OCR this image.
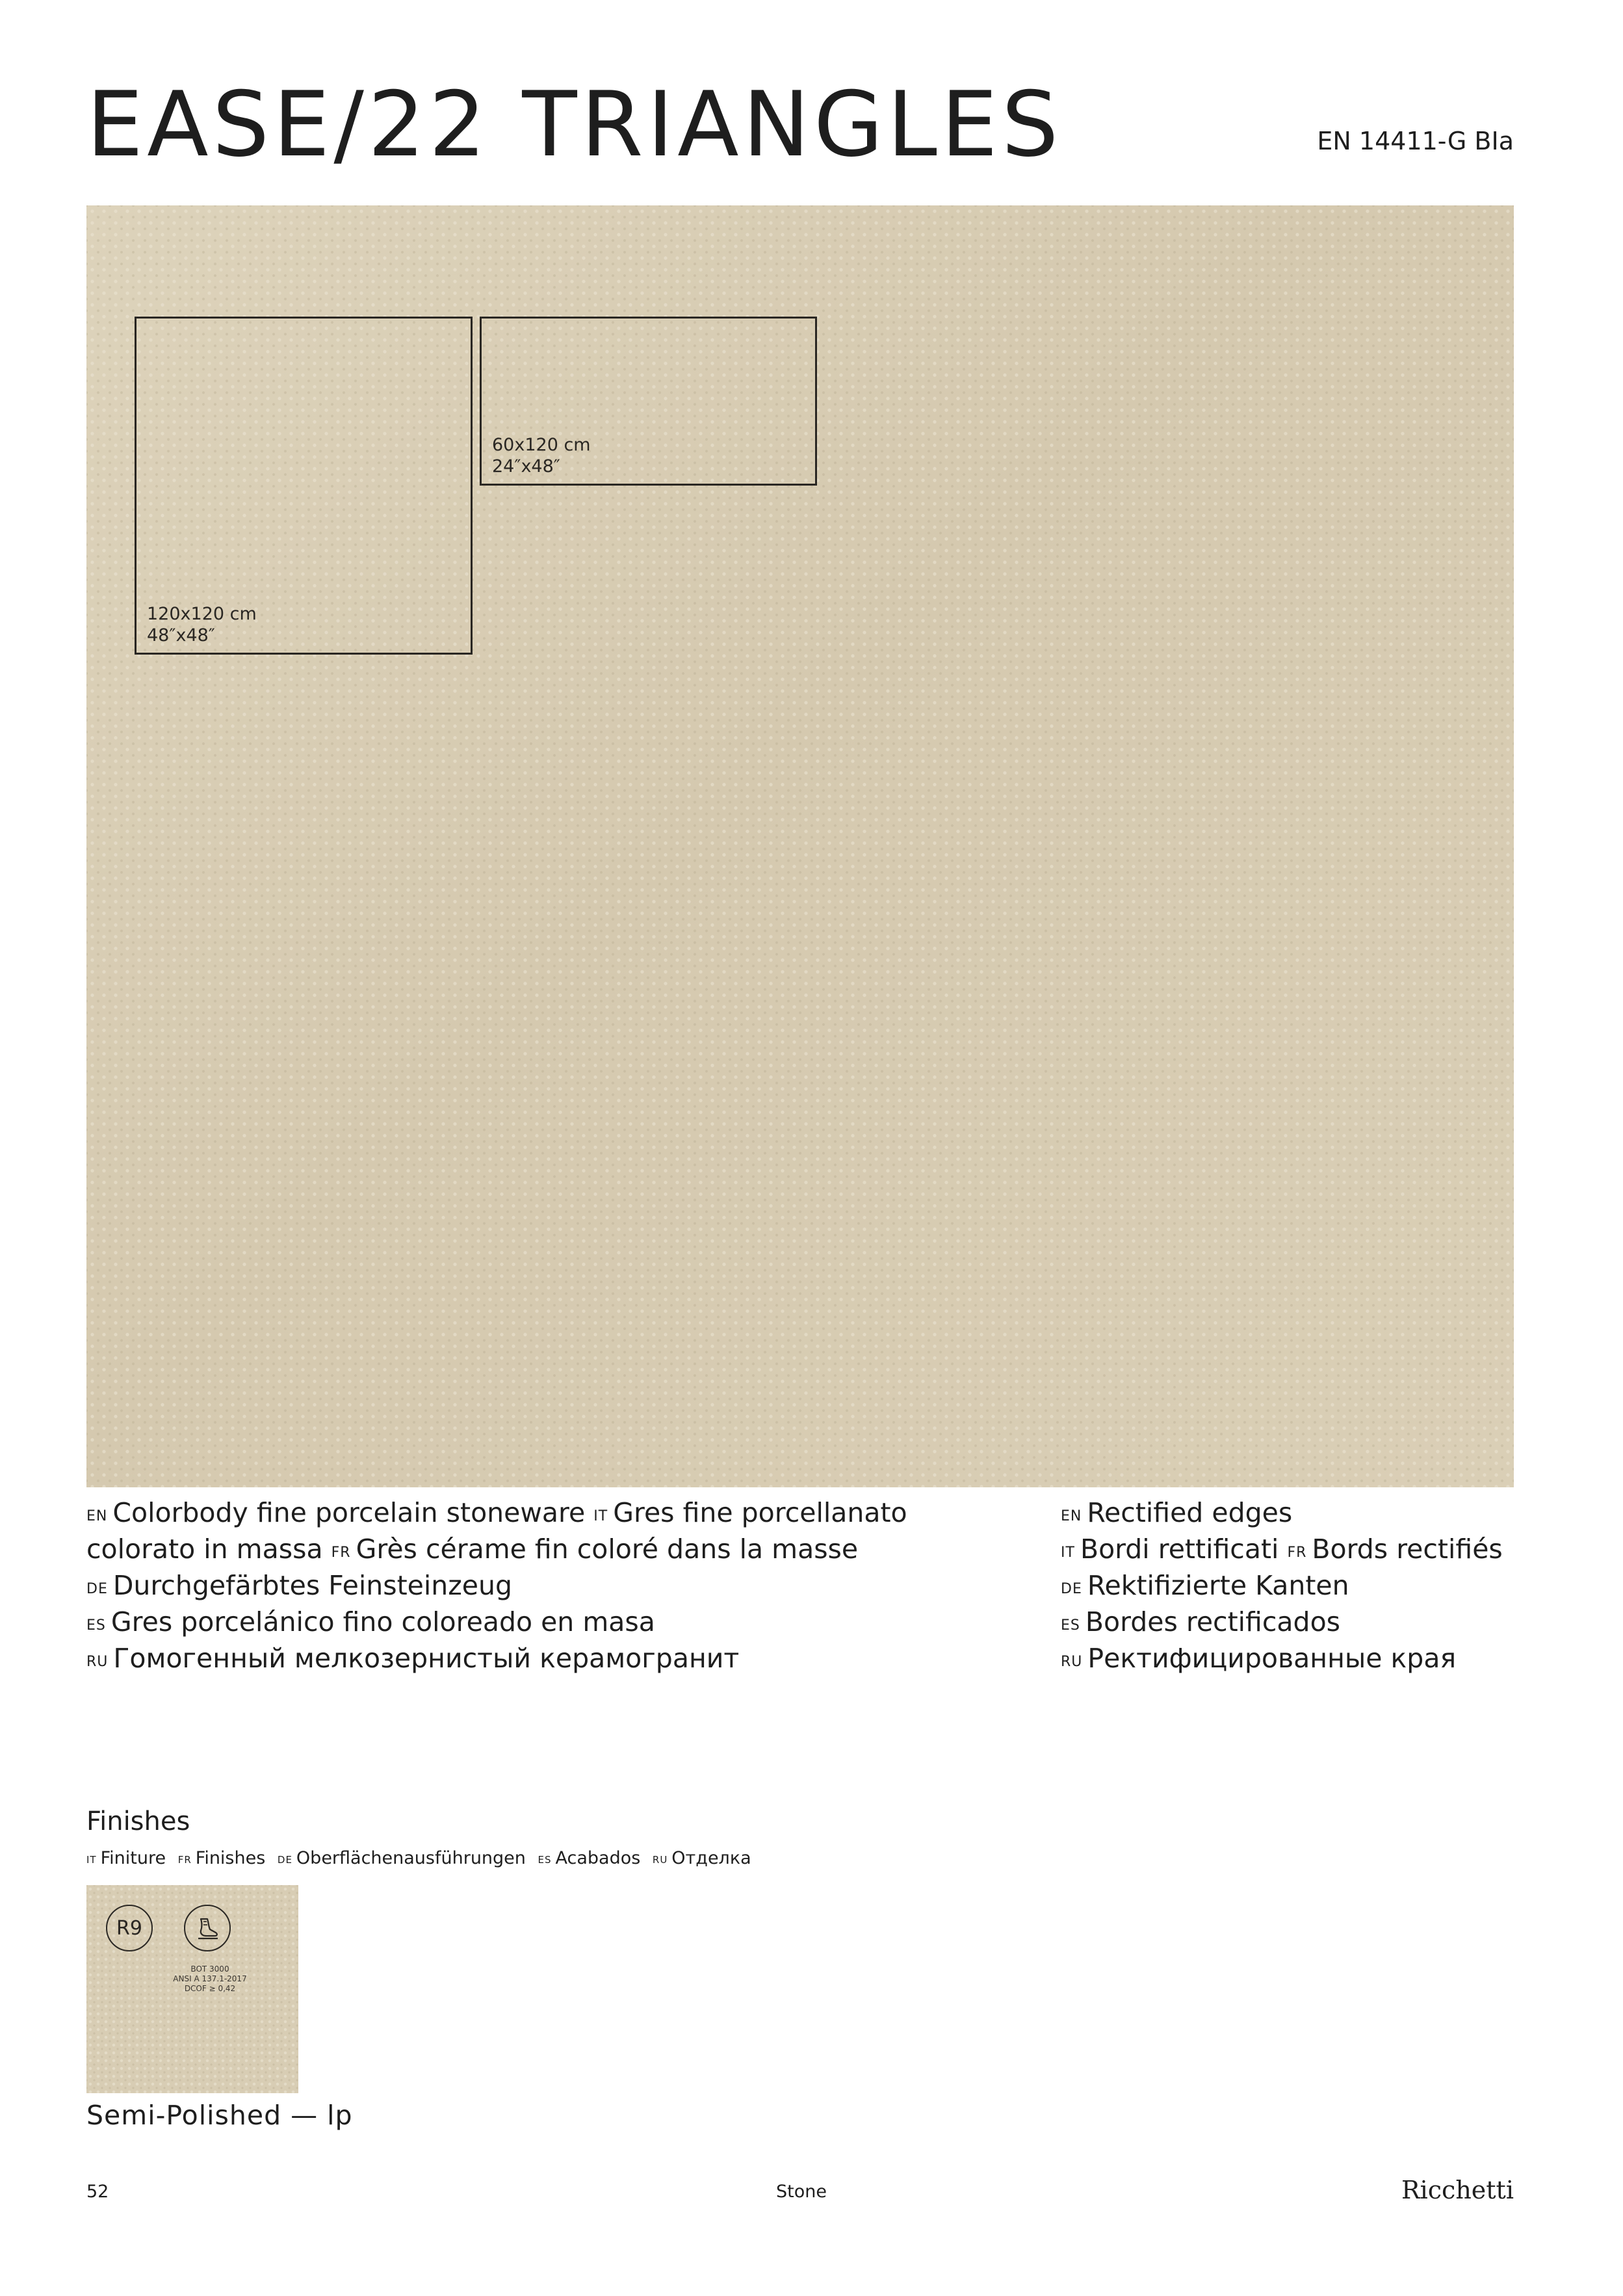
EASE/22 TRIANGLES	EN 14411-G BIa
120x120 cm
48″x48″
60x120 cm
24″x48″
EN Colorbody fine porcelain stoneware IT Gres fine porcellanato colorato in massa FR Grès cérame fin coloré dans la masse DE Durchgefärbtes Feinsteinzeug ES Gres porcelánico fino coloreado en masa RU Гомогенный мелкозернистый керамогранит
EN Rectified edges IT Bordi rettificati FR Bords rectifiés DE Rektifizierte Kanten ES Bordes rectificados RU Ректифицированные края
Finishes
IT Finiture FR Finishes DE Oberflächenausführungen ES Acabados RU Отделка
R9
BOT 3000
ANSI A 137.1-2017
DCOF ≥ 0,42
Semi-Polished — lp
52	Stone	Ricchetti
